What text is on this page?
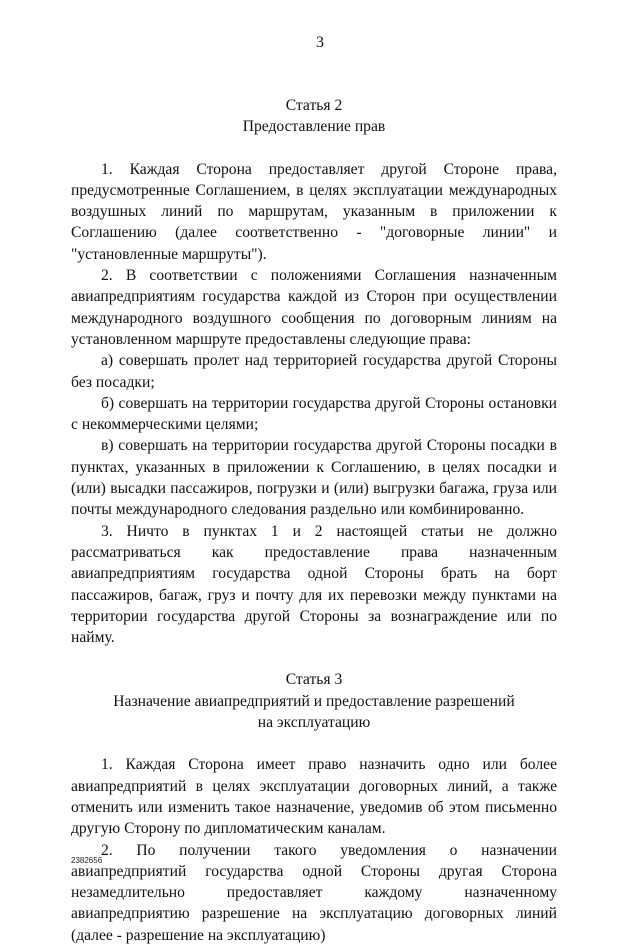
3
Статья 2
Предоставление прав

1. Каждая Сторона предоставляет другой Стороне права, предусмотренные Соглашением, в целях эксплуатации международных воздушных линий по маршрутам, указанным в приложении к Соглашению (далее соответственно - "договорные линии" и "установленные маршруты").

2. В соответствии с положениями Соглашения назначенным авиапредприятиям государства каждой из Сторон при осуществлении международного воздушного сообщения по договорным линиям на установленном маршруте предоставлены следующие права:

а) совершать пролет над территорией государства другой Стороны без посадки;

б) совершать на территории государства другой Стороны остановки с некоммерческими целями;

в) совершать на территории государства другой Стороны посадки в пунктах, указанных в приложении к Соглашению, в целях посадки и (или) высадки пассажиров, погрузки и (или) выгрузки багажа, груза или почты международного следования раздельно или комбинированно.

3. Ничто в пунктах 1 и 2 настоящей статьи не должно рассматриваться как предоставление права назначенным авиапредприятиям государства одной Стороны брать на борт пассажиров, багаж, груз и почту для их перевозки между пунктами на территории государства другой Стороны за вознаграждение или по найму.

Статья 3
Назначение авиапредприятий и предоставление разрешений
на эксплуатацию

1. Каждая Сторона имеет право назначить одно или более авиапредприятий в целях эксплуатации договорных линий, а также отменить или изменить такое назначение, уведомив об этом письменно другую Сторону по дипломатическим каналам.

2. По получении такого уведомления о назначении авиапредприятий государства одной Стороны другая Сторона незамедлительно предоставляет каждому назначенному авиапредприятию разрешение на эксплуатацию договорных линий (далее - разрешение на эксплуатацию)

2382656
